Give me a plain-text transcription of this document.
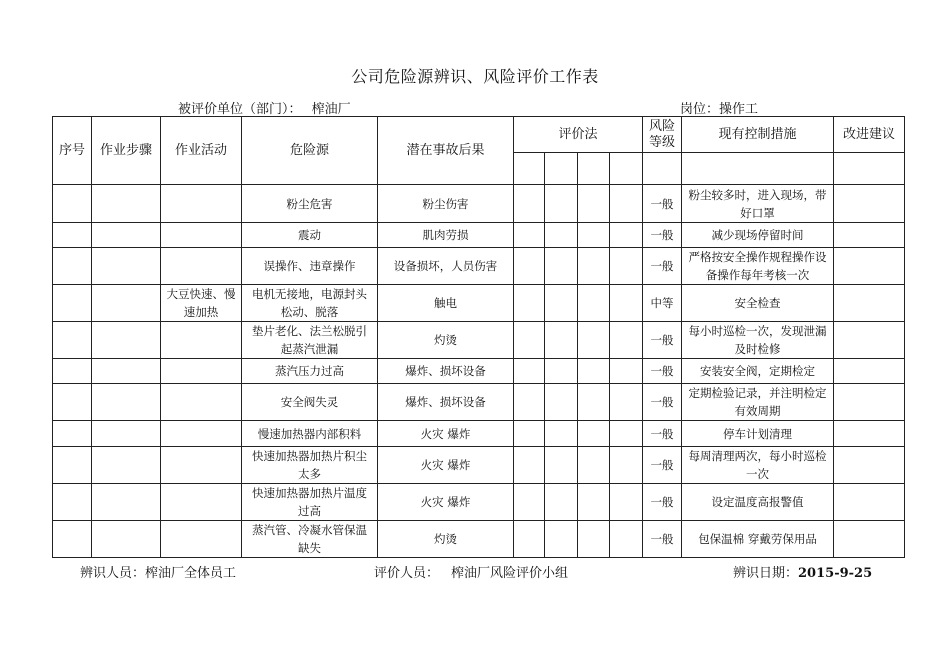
公司危险源辨识、风险评价工作表
被评价单位（部门）： 榨油厂	岗位：操作工
序号	作业步骤	作业活动	危险源	潜在事故后果	评价法				风险等级	现有控制措施	改进建议

			粉尘危害	粉尘伤害					一般	粉尘较多时，进入现场，带好口罩	
			震动	肌肉劳损					一般	减少现场停留时间	
			误操作、违章操作	设备损坏，人员伤害					一般	严格按安全操作规程操作设备操作每年考核一次	
		大豆快速、慢速加热	电机无接地，电源封头松动、脱落	触电					中等	安全检查	
			垫片老化、法兰松脱引起蒸汽泄漏	灼烫					一般	每小时巡检一次，发现泄漏及时检修	
			蒸汽压力过高	爆炸、损坏设备					一般	安装安全阀，定期检定	
			安全阀失灵	爆炸、损坏设备					一般	定期检验记录，并注明检定有效周期	
			慢速加热器内部积料	火灾 爆炸					一般	停车计划清理	
			快速加热器加热片积尘太多	火灾 爆炸					一般	每周清理两次，每小时巡检一次	
			快速加热器加热片温度过高	火灾 爆炸					一般	设定温度高报警值	
			蒸汽管、冷凝水管保温缺失	灼烫					一般	包保温棉 穿戴劳保用品	
辨识人员：榨油厂全体员工	评价人员： 榨油厂风险评价小组	辨识日期：2015-9-25
